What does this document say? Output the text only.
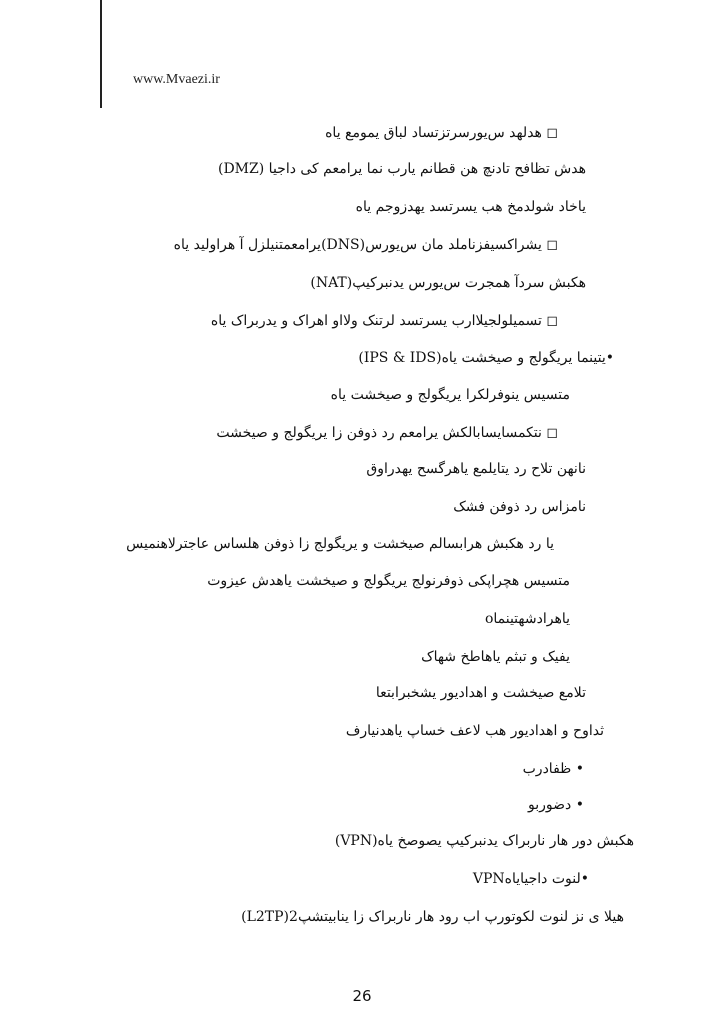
www.Mvaezi.ir
◻ هدلهد س‌یورسرتزتساد لباق یمومع یاه
(DMZ) هدش تظافح تادنچ هن قطانم یارب نما یرامعم کی داجیا
یاخاد شولدمخ هب یسرتسد یهدزوجم یاه
◻ یشراکسیفزناملد مان س‌یورس(DNS)یرامعمتنیلزل آ هراولید یاه
هکبش سردآ همجرت س‌یورس یدنبرکیپ(NAT)
◻ تسمیلولجیلاارب یسرتسد لرتنک ولااو اهراک و یدربراک یاه
•یتینما یریگولج و صیخشت یاه(IPS & IDS)
متسیس ینوفرلکرا یریگولج و صیخشت یاه
◻ نتکمسایسابالکش یرامعم رد ذوفن زا یریگولج و صیخشت
نانهن تلاح رد یتایلمع یاهرگسح یهدراوق
نامزاس رد ذوفن فشک
یا رد هکبش هرابسالم صیخشت و یریگولج زا ذوفن هلساس عاجترلاهنمیس
متسیس هچراپکی ذوفرنولج یریگولج و صیخشت یاهدش عیزوت
oیاهرادشهتینما
یفیک و تبثم یاهاطخ شهاک
تلامع صیخشت و اهدادیور یشخبرابتعا
ثداوح و اهدادیور هب لاعف خساپ یاهدنیارف
• ظفادرب
• دضوربو
هکبش دور هار ناربراک یدنبرکیپ یصوصخ یاه(VPN)
•لنوت داجیایاهVPN
هیلا ی نز لنوت لکوتورپ اب رود هار ناربراک زا ینابیتشپ2(L2TP)
26
